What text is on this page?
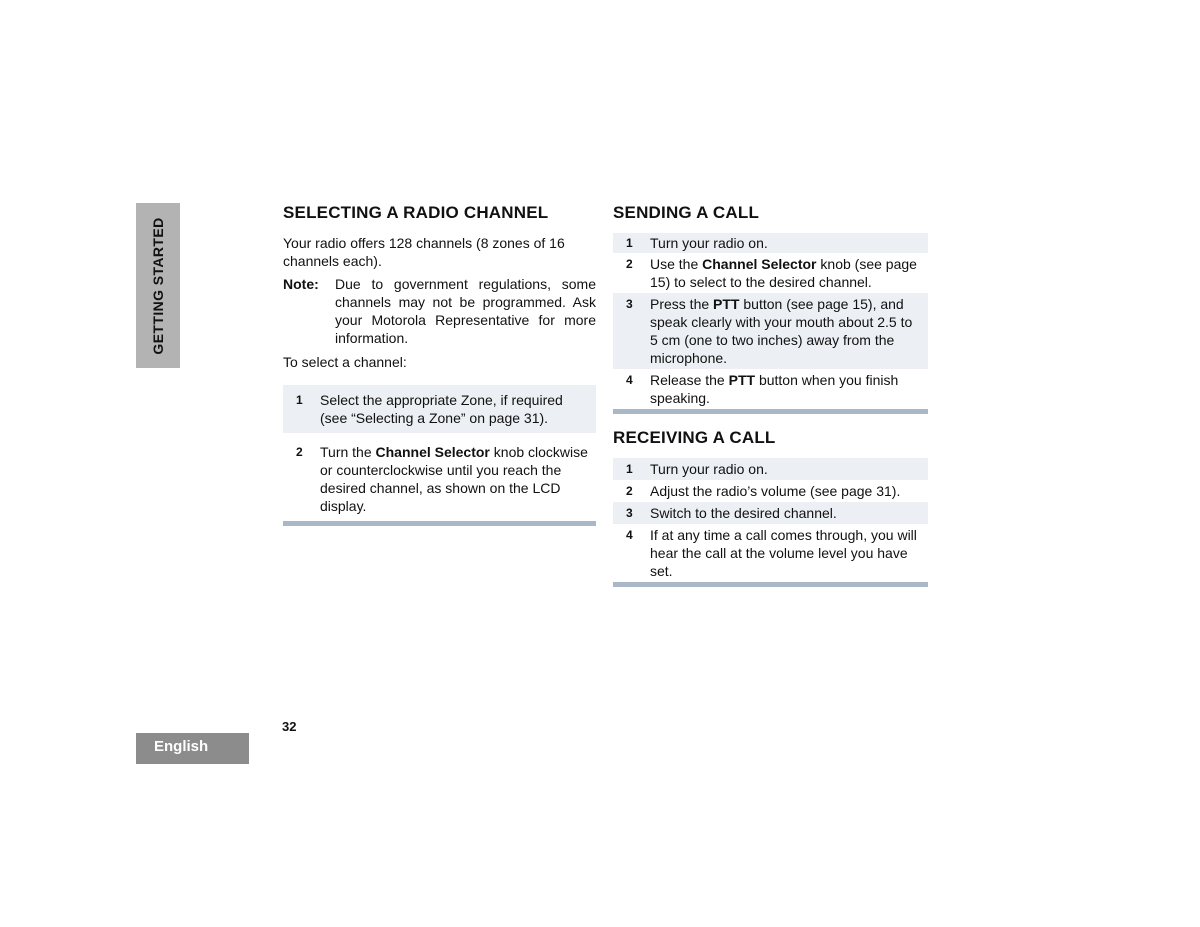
GETTING STARTED
English
32
SELECTING A RADIO CHANNEL

Your radio offers 128 channels (8 zones of 16 channels each).

Note:	Due to government regulations, some channels may not be programmed. Ask your Motorola Representative for more information.

To select a channel:

1	Select the appropriate Zone, if required (see “Selecting a Zone” on page 31).
2	Turn the Channel Selector knob clockwise or counterclockwise until you reach the desired channel, as shown on the LCD display.
SENDING A CALL
1	Turn your radio on.
2	Use the Channel Selector knob (see page 15) to select to the desired channel.
3	Press the PTT button (see page 15), and speak clearly with your mouth about 2.5 to 5 cm (one to two inches) away from the microphone.
4	Release the PTT button when you finish speaking.
RECEIVING A CALL
1	Turn your radio on.
2	Adjust the radio’s volume (see page 31).
3	Switch to the desired channel.
4	If at any time a call comes through, you will hear the call at the volume level you have set.
